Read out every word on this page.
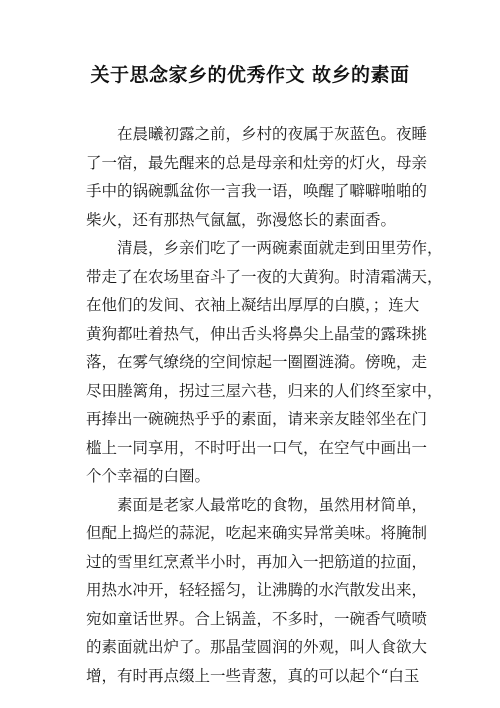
关于思念家乡的优秀作文 故乡的素面
在晨曦初露之前，乡村的夜属于灰蓝色。夜睡
了一宿，最先醒来的总是母亲和灶旁的灯火，母亲
手中的锅碗瓢盆你一言我一语，唤醒了噼噼啪啪的
柴火，还有那热气氤氲，弥漫悠长的素面香。
清晨，乡亲们吃了一两碗素面就走到田里劳作，
带走了在农场里奋斗了一夜的大黄狗。时清霜满天，
在他们的发间、衣袖上凝结出厚厚的白膜，；连大
黄狗都吐着热气，伸出舌头将鼻尖上晶莹的露珠挑
落，在雾气缭绕的空间惊起一圈圈涟漪。傍晚，走
尽田塍篱角，拐过三屋六巷，归来的人们终至家中，
再捧出一碗碗热乎乎的素面，请来亲友睦邻坐在门
槛上一同享用，不时吁出一口气，在空气中画出一
个个幸福的白圈。
素面是老家人最常吃的食物，虽然用材简单，
但配上捣烂的蒜泥，吃起来确实异常美味。将腌制
过的雪里红烹煮半小时，再加入一把筋道的拉面，
用热水冲开，轻轻摇匀，让沸腾的水汽散发出来，
宛如童话世界。合上锅盖，不多时，一碗香气喷喷
的素面就出炉了。那晶莹圆润的外观，叫人食欲大
增，有时再点缀上一些青葱，真的可以起个“白玉
